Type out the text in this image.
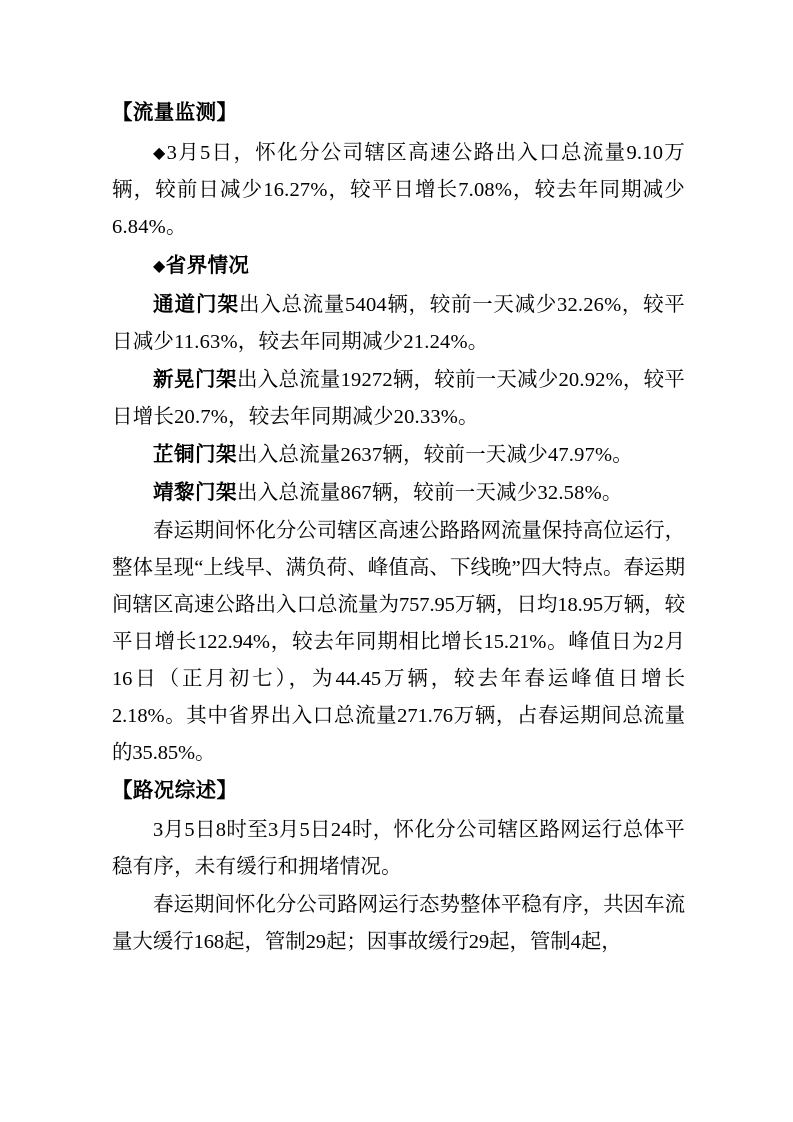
【流量监测】

◆3月5日，怀化分公司辖区高速公路出入口总流量9.10万辆，较前日减少16.27%，较平日增长7.08%，较去年同期减少6.84%。

◆省界情况

通道门架出入总流量5404辆，较前一天减少32.26%，较平日减少11.63%，较去年同期减少21.24%。

新晃门架出入总流量19272辆，较前一天减少20.92%，较平日增长20.7%，较去年同期减少20.33%。

芷铜门架出入总流量2637辆，较前一天减少47.97%。

靖黎门架出入总流量867辆，较前一天减少32.58%。

春运期间怀化分公司辖区高速公路路网流量保持高位运行，整体呈现“上线早、满负荷、峰值高、下线晚”四大特点。春运期间辖区高速公路出入口总流量为757.95万辆，日均18.95万辆，较平日增长122.94%，较去年同期相比增长15.21%。峰值日为2月16日（正月初七），为44.45万辆，较去年春运峰值日增长2.18%。其中省界出入口总流量271.76万辆，占春运期间总流量的35.85%。

【路况综述】

3月5日8时至3月5日24时，怀化分公司辖区路网运行总体平稳有序，未有缓行和拥堵情况。

春运期间怀化分公司路网运行态势整体平稳有序，共因车流量大缓行168起，管制29起；因事故缓行29起，管制4起，
